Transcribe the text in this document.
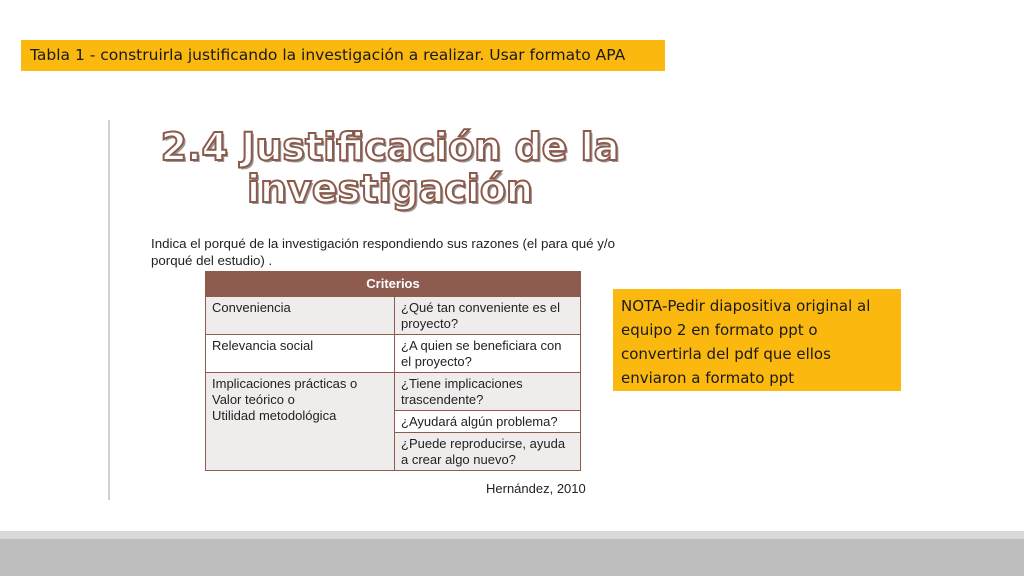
Tabla 1 - construirla justificando la investigación a realizar. Usar formato APA
2.4 Justificación de la
investigación
Indica el porqué de la investigación respondiendo sus razones (el para qué y/o porqué del estudio) .
Criterios	
Conveniencia	¿Qué tan conveniente es el proyecto?
Relevancia social	¿A quien se beneficiara con el proyecto?

Implicaciones prácticas o
Valor teórico o
Utilidad metodológica	¿Tiene implicaciones trascendente?
	¿Ayudará algún problema?
	¿Puede reproducirse, ayuda a crear algo nuevo?
Hernández, 2010
NOTA-Pedir diapositiva original al equipo 2 en formato ppt o convertirla del pdf que ellos enviaron a formato ppt
